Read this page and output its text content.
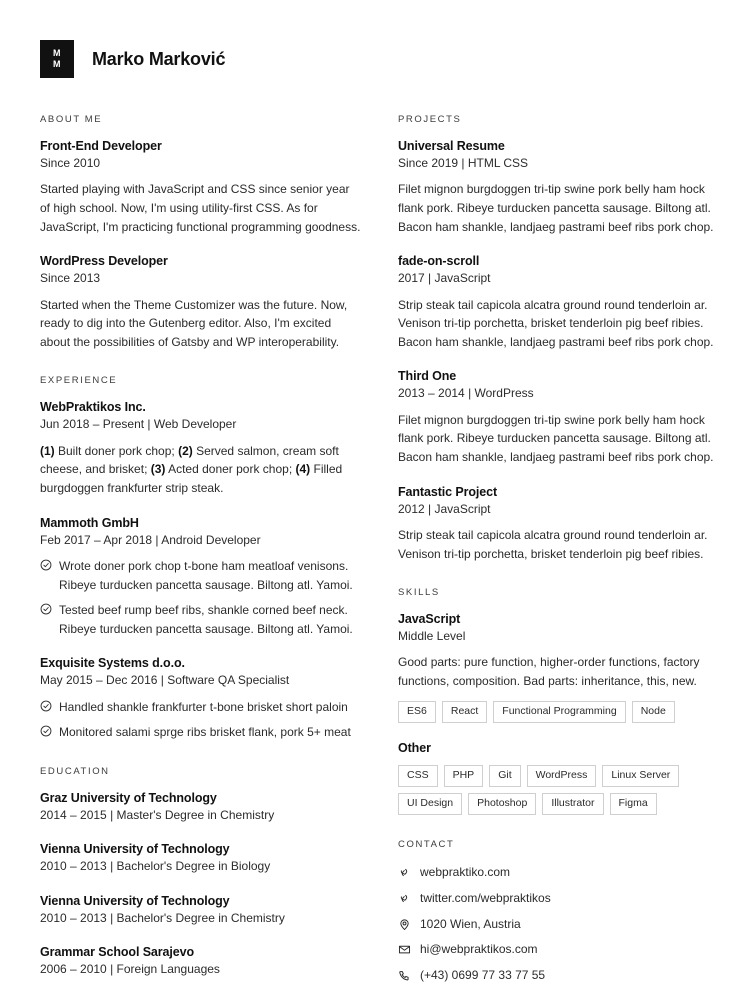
M
M Marko Marković
ABOUT ME
Front-End Developer
Since 2010
Started playing with JavaScript and CSS since senior year of high school. Now, I'm using utility-first CSS. As for JavaScript, I'm practicing functional programming goodness.
WordPress Developer
Since 2013
Started when the Theme Customizer was the future. Now, ready to dig into the Gutenberg editor. Also, I'm excited about the possibilities of Gatsby and WP interoperability.
EXPERIENCE
WebPraktikos Inc.
Jun 2018 – Present | Web Developer

(1) Built doner pork chop; (2) Served salmon, cream soft cheese, and brisket; (3) Acted doner pork chop; (4) Filled burgdoggen frankfurter strip steak.

Mammoth GmbH
Feb 2017 – Apr 2018 | Android Developer
Wrote doner pork chop t-bone ham meatloaf venisons. Ribeye turducken pancetta sausage. Biltong atl. Yamoi.
Tested beef rump beef ribs, shankle corned beef neck. Ribeye turducken pancetta sausage. Biltong atl. Yamoi.
Exquisite Systems d.o.o.
May 2015 – Dec 2016 | Software QA Specialist
Handled shankle frankfurter t-bone brisket short paloin
Monitored salami sprge ribs brisket flank, pork 5+ meat
EDUCATION
Graz University of Technology
2014 – 2015 | Master's Degree in Chemistry
Vienna University of Technology
2010 – 2013 | Bachelor's Degree in Biology
Vienna University of Technology
2010 – 2013 | Bachelor's Degree in Chemistry
Grammar School Sarajevo
2006 – 2010 | Foreign Languages
PROJECTS
Universal Resume
Since 2019 | HTML CSS
Filet mignon burgdoggen tri-tip swine pork belly ham hock flank pork. Ribeye turducken pancetta sausage. Biltong atl. Bacon ham shankle, landjaeg pastrami beef ribs pork chop.
fade-on-scroll
2017 | JavaScript
Strip steak tail capicola alcatra ground round tenderloin ar. Venison tri-tip porchetta, brisket tenderloin pig beef ribies. Bacon ham shankle, landjaeg pastrami beef ribs pork chop.
Third One
2013 – 2014 | WordPress
Filet mignon burgdoggen tri-tip swine pork belly ham hock flank pork. Ribeye turducken pancetta sausage. Biltong atl. Bacon ham shankle, landjaeg pastrami beef ribs pork chop.
Fantastic Project
2012 | JavaScript
Strip steak tail capicola alcatra ground round tenderloin ar. Venison tri-tip porchetta, brisket tenderloin pig beef ribies.
SKILLS
JavaScript
Middle Level
Good parts: pure function, higher-order functions, factory functions, composition. Bad parts: inheritance, this, new.
ES6	React	Functional Programming	Node
Other
CSS	PHP	Git	WordPress	Linux Server
UI Design	Photoshop	Illustrator	Figma
CONTACT
webpraktiko.com
twitter.com/webpraktikos
1020 Wien, Austria
hi@webpraktikos.com
(+43) 0699 77 33 77 55
